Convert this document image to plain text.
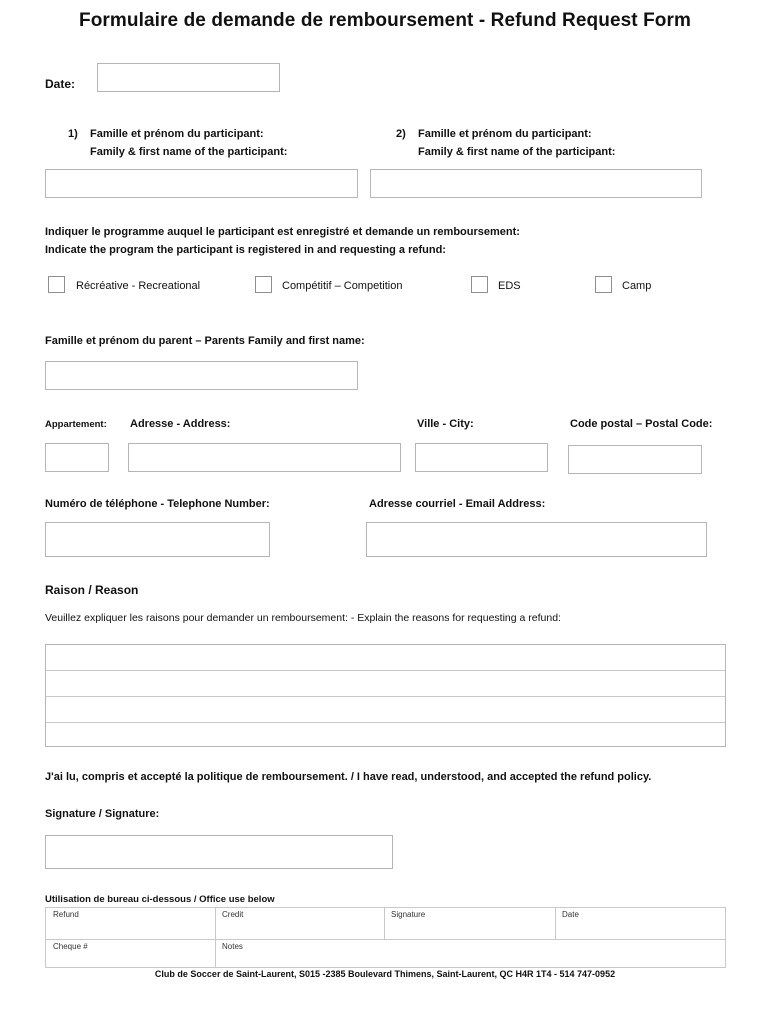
Formulaire de demande de remboursement - Refund Request Form
Date:
1) Famille et prénom du participant:
Family & first name of the participant:
2) Famille et prénom du participant:
Family & first name of the participant:
Indiquer le programme auquel le participant est enregistré et demande un remboursement:
Indicate the program the participant is registered in and requesting a refund:
Récréative - Recreational	Compétitif – Competition	EDS	Camp
Famille et prénom du parent – Parents Family and first name:
Appartement: Adresse - Address:	Ville - City:	Code postal – Postal Code:
Numéro de téléphone - Telephone Number:	Adresse courriel - Email Address:
Raison / Reason
Veuillez expliquer les raisons pour demander un remboursement: - Explain the reasons for requesting a refund:
J'ai lu, compris et accepté la politique de remboursement. / I have read, understood, and accepted the refund policy.
Signature / Signature:
Utilisation de bureau ci-dessous / Office use below
Refund	Credit	Signature	Date
Cheque #	Notes
Club de Soccer de Saint-Laurent, S015 -2385 Boulevard Thimens, Saint-Laurent, QC H4R 1T4 - 514 747-0952
